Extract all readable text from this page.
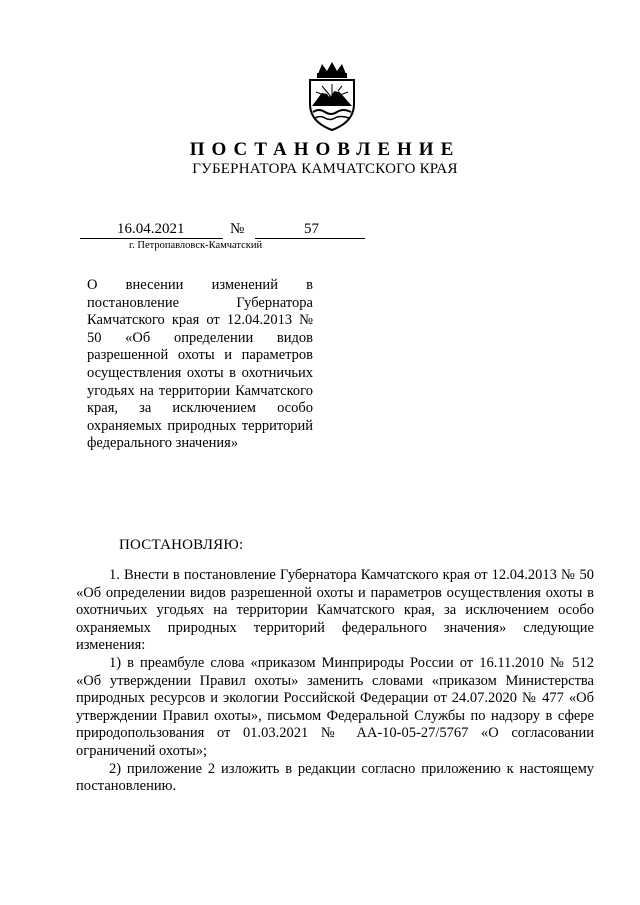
ПОСТАНОВЛЕНИЕ
ГУБЕРНАТОРА КАМЧАТСКОГО КРАЯ
16.04.2021	№	57
г. Петропавловск-Камчатский
О внесении изменений в постановление Губернатора Камчатского края от 12.04.2013 № 50 «Об определении видов разрешенной охоты и параметров осуществления охоты в охотничьих угодьях на территории Камчатского края, за исключением особо охраняемых природных территорий федерального значения»
ПОСТАНОВЛЯЮ:

1. Внести в постановление Губернатора Камчатского края от 12.04.2013 № 50 «Об определении видов разрешенной охоты и параметров осуществления охоты в охотничьих угодьях на территории Камчатского края, за исключением особо охраняемых природных территорий федерального значения» следующие изменения:

1) в преамбуле слова «приказом Минприроды России от 16.11.2010 № 512 «Об утверждении Правил охоты» заменить словами «приказом Министерства природных ресурсов и экологии Российской Федерации от 24.07.2020 № 477 «Об утверждении Правил охоты», письмом Федеральной Службы по надзору в сфере природопользования от 01.03.2021 № АА-10-05-27/5767 «О согласовании ограничений охоты»;

2) приложение 2 изложить в редакции согласно приложению к настоящему постановлению.
